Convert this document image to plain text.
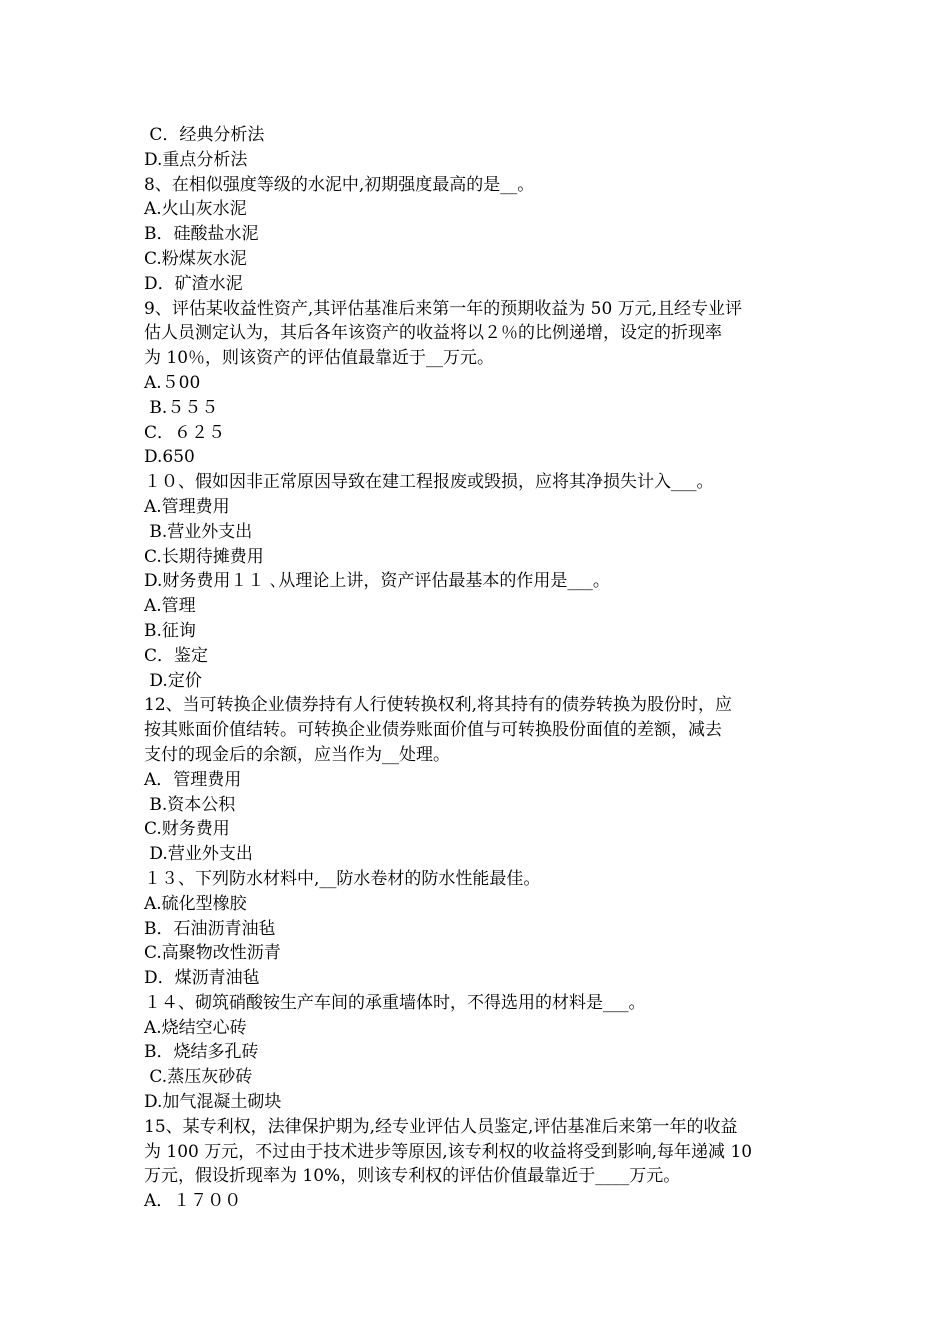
C．经典分析法
D.重点分析法
8、在相似强度等级的水泥中,初期强度最高的是__。
A.火山灰水泥
B．硅酸盐水泥
C.粉煤灰水泥
D．矿渣水泥
9、评估某收益性资产,其评估基准后来第一年的预期收益为 50 万元,且经专业评
估人员测定认为，其后各年该资产的收益将以２％的比例递增，设定的折现率
为 10％，则该资产的评估值最靠近于__万元。
A.５00
B.５５５
C．６２５
D.650
１０、假如因非正常原因导致在建工程报废或毁损，应将其净损失计入___。
A.管理费用
B.营业外支出
C.长期待摊费用
D.财务费用１１ ､从理论上讲，资产评估最基本的作用是___。
A.管理
B.征询
C．鉴定
D.定价
12、当可转换企业债券持有人行使转换权利,将其持有的债券转换为股份时，应
按其账面价值结转。可转换企业债券账面价值与可转换股份面值的差额，减去
支付的现金后的余额，应当作为__处理。
A．管理费用
B.资本公积
C.财务费用
D.营业外支出
１３、下列防水材料中,__防水卷材的防水性能最佳。
A.硫化型橡胶
B．石油沥青油毡
C.高聚物改性沥青
D．煤沥青油毡
１４、砌筑硝酸铵生产车间的承重墙体时，不得选用的材料是___。
A.烧结空心砖
B．烧结多孔砖
C.蒸压灰砂砖
D.加气混凝土砌块
15、某专利权，法律保护期为,经专业评估人员鉴定,评估基准后来第一年的收益
为 100 万元，不过由于技术进步等原因,该专利权的收益将受到影响,每年递减 10
万元，假设折现率为 10%，则该专利权的评估价值最靠近于____万元。
A．１７００
